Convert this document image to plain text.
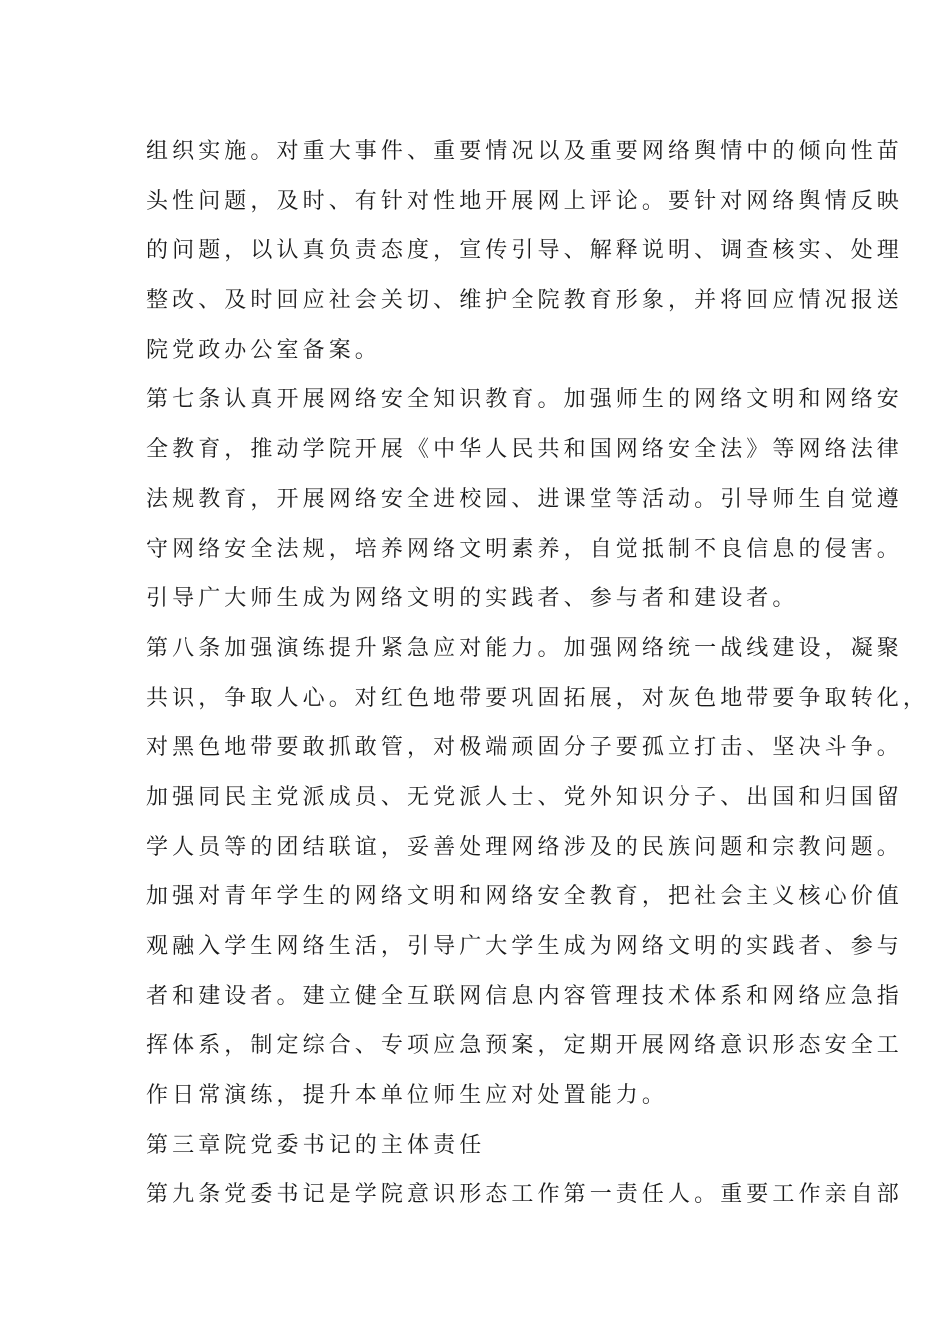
组织实施。对重大事件、重要情况以及重要网络舆情中的倾向性苗
头性问题，及时、有针对性地开展网上评论。要针对网络舆情反映
的问题，以认真负责态度，宣传引导、解释说明、调查核实、处理
整改、及时回应社会关切、维护全院教育形象，并将回应情况报送
院党政办公室备案。
第七条认真开展网络安全知识教育。加强师生的网络文明和网络安
全教育，推动学院开展《中华人民共和国网络安全法》等网络法律
法规教育，开展网络安全进校园、进课堂等活动。引导师生自觉遵
守网络安全法规，培养网络文明素养，自觉抵制不良信息的侵害。
引导广大师生成为网络文明的实践者、参与者和建设者。
第八条加强演练提升紧急应对能力。加强网络统一战线建设，凝聚
共识，争取人心。对红色地带要巩固拓展，对灰色地带要争取转化，
对黑色地带要敢抓敢管，对极端顽固分子要孤立打击、坚决斗争。
加强同民主党派成员、无党派人士、党外知识分子、出国和归国留
学人员等的团结联谊，妥善处理网络涉及的民族问题和宗教问题。
加强对青年学生的网络文明和网络安全教育，把社会主义核心价值
观融入学生网络生活，引导广大学生成为网络文明的实践者、参与
者和建设者。建立健全互联网信息内容管理技术体系和网络应急指
挥体系，制定综合、专项应急预案，定期开展网络意识形态安全工
作日常演练，提升本单位师生应对处置能力。
第三章院党委书记的主体责任
第九条党委书记是学院意识形态工作第一责任人。重要工作亲自部
